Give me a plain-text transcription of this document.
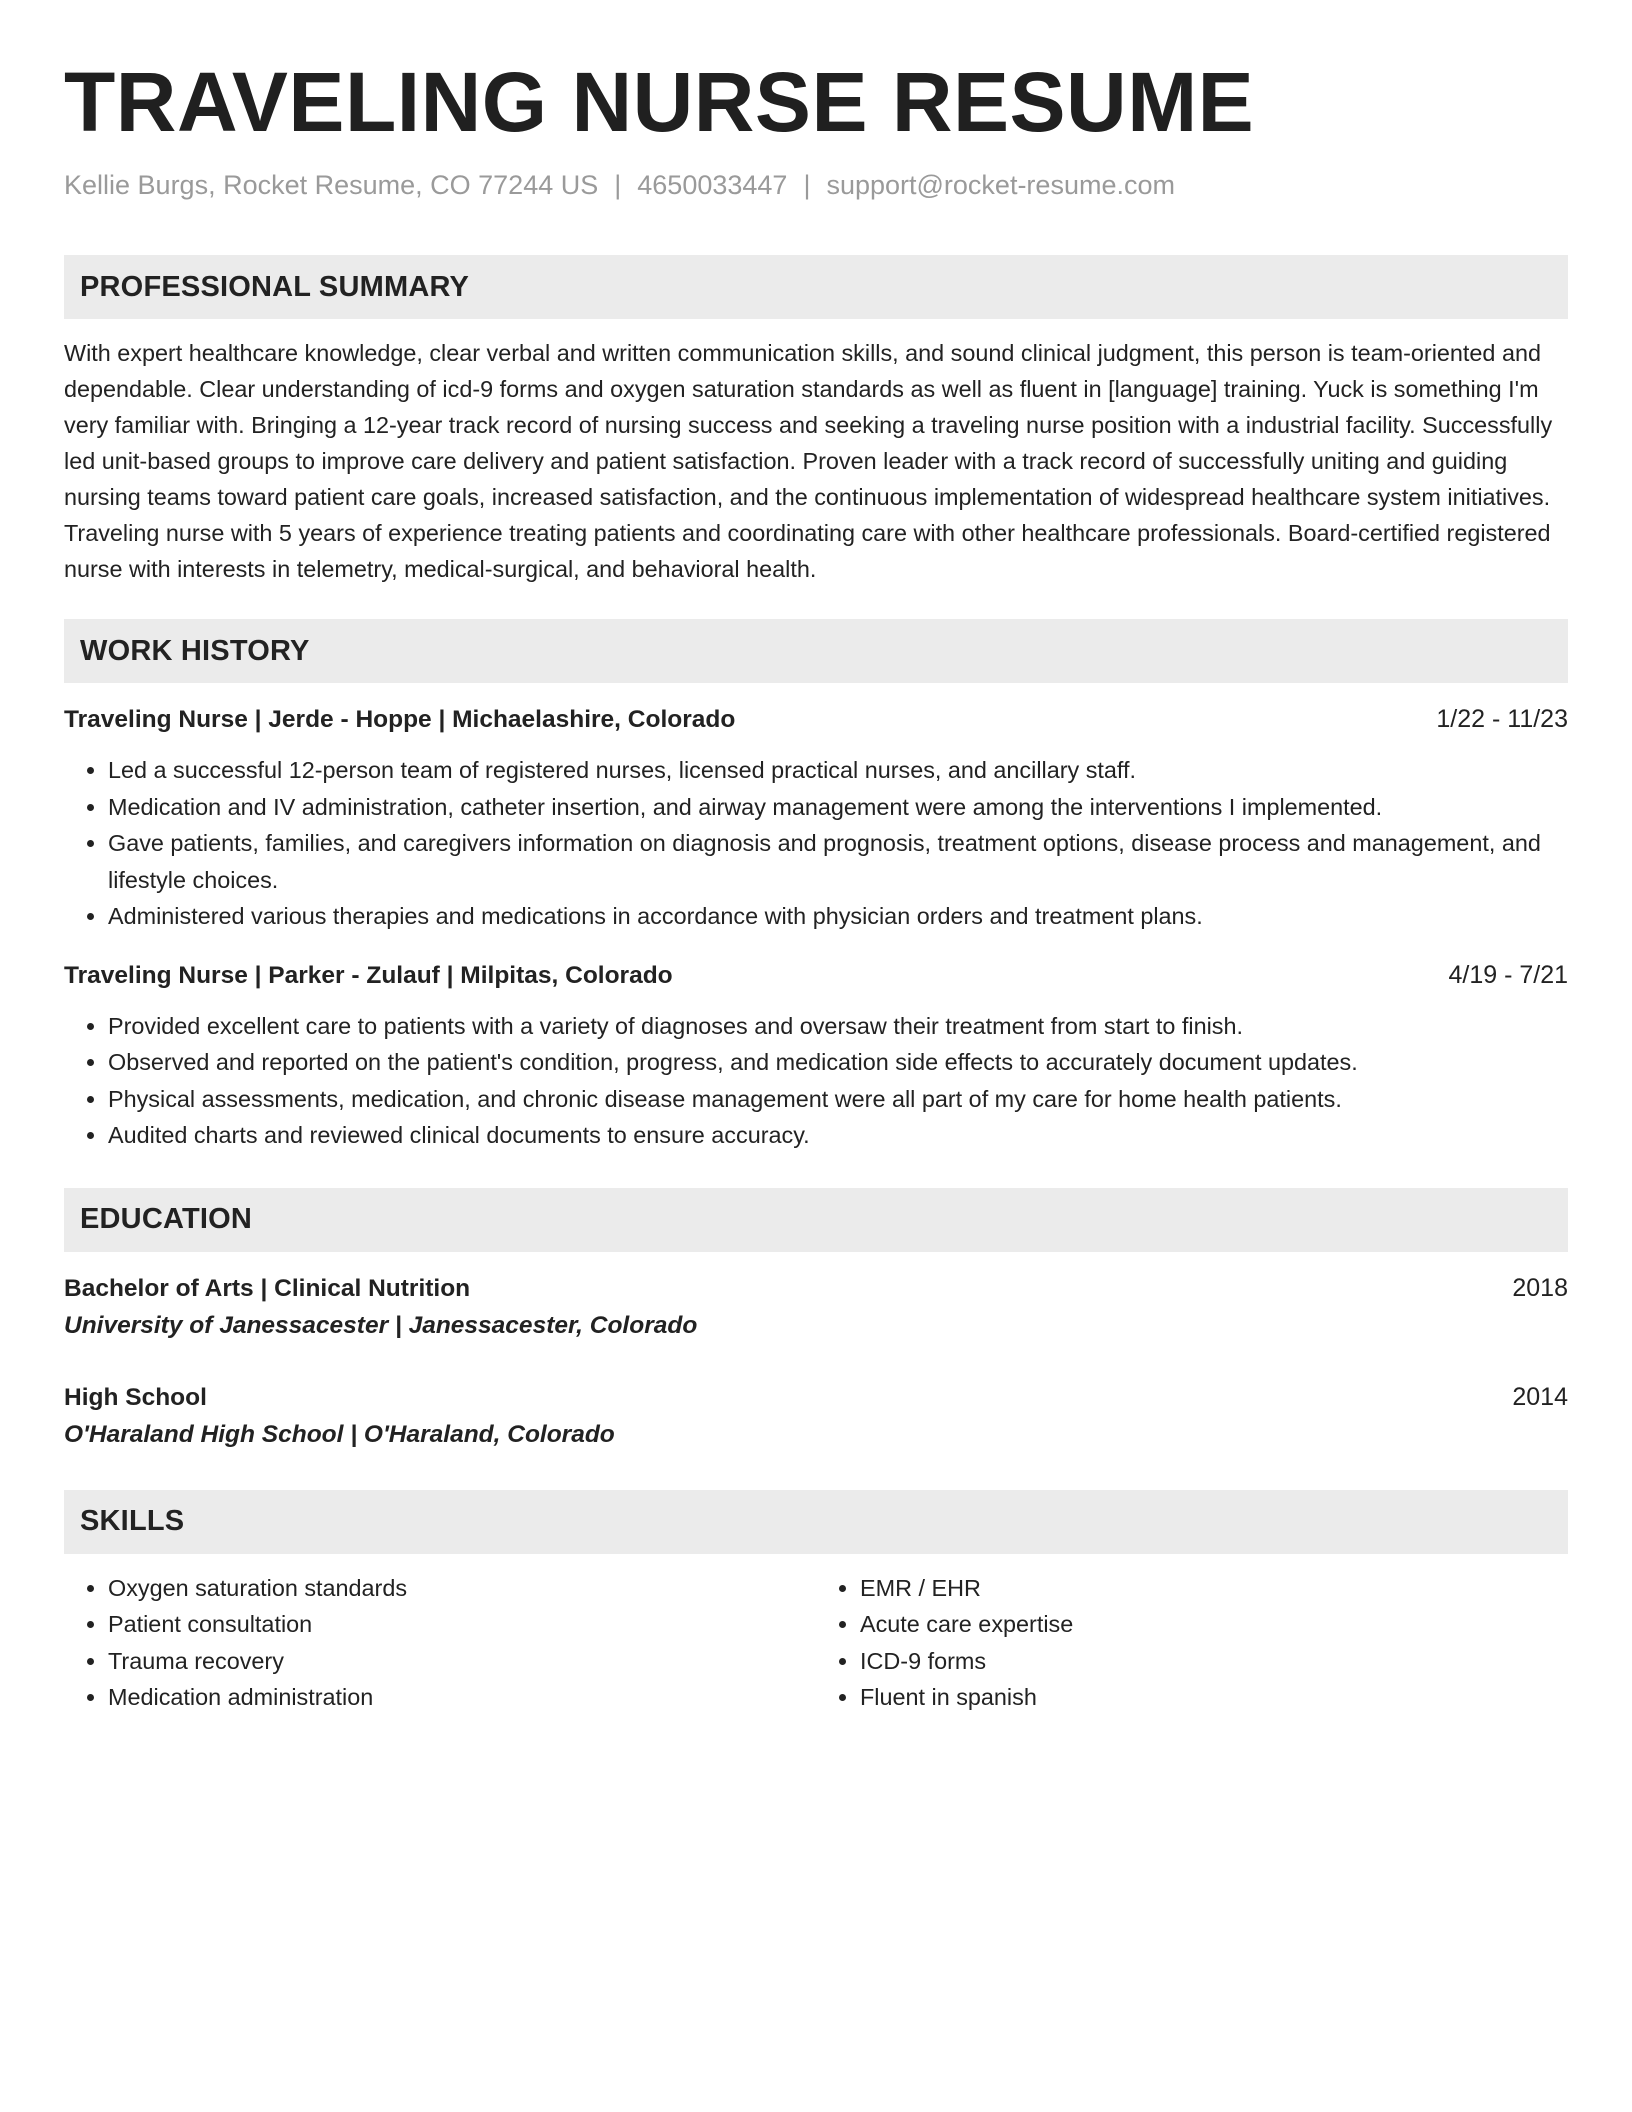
TRAVELING NURSE RESUME
Kellie Burgs, Rocket Resume, CO 77244 US | 4650033447 | support@rocket-resume.com
PROFESSIONAL SUMMARY
With expert healthcare knowledge, clear verbal and written communication skills, and sound clinical judgment, this person is team-oriented and dependable. Clear understanding of icd-9 forms and oxygen saturation standards as well as fluent in [language] training. Yuck is something I'm very familiar with. Bringing a 12-year track record of nursing success and seeking a traveling nurse position with a industrial facility. Successfully led unit-based groups to improve care delivery and patient satisfaction. Proven leader with a track record of successfully uniting and guiding nursing teams toward patient care goals, increased satisfaction, and the continuous implementation of widespread healthcare system initiatives. Traveling nurse with 5 years of experience treating patients and coordinating care with other healthcare professionals. Board-certified registered nurse with interests in telemetry, medical-surgical, and behavioral health.
WORK HISTORY
Traveling Nurse | Jerde - Hoppe | Michaelashire, Colorado	1/22 - 11/23
• Led a successful 12-person team of registered nurses, licensed practical nurses, and ancillary staff.
• Medication and IV administration, catheter insertion, and airway management were among the interventions I implemented.
• Gave patients, families, and caregivers information on diagnosis and prognosis, treatment options, disease process and management, and lifestyle choices.
• Administered various therapies and medications in accordance with physician orders and treatment plans.
Traveling Nurse | Parker - Zulauf | Milpitas, Colorado	4/19 - 7/21
• Provided excellent care to patients with a variety of diagnoses and oversaw their treatment from start to finish.
• Observed and reported on the patient's condition, progress, and medication side effects to accurately document updates.
• Physical assessments, medication, and chronic disease management were all part of my care for home health patients.
• Audited charts and reviewed clinical documents to ensure accuracy.
EDUCATION
Bachelor of Arts | Clinical Nutrition	2018
University of Janessacester | Janessacester, Colorado
High School	2014
O'Haraland High School | O'Haraland, Colorado
SKILLS
• Oxygen saturation standards
• Patient consultation
• Trauma recovery
• Medication administration
• EMR / EHR
• Acute care expertise
• ICD-9 forms
• Fluent in spanish
